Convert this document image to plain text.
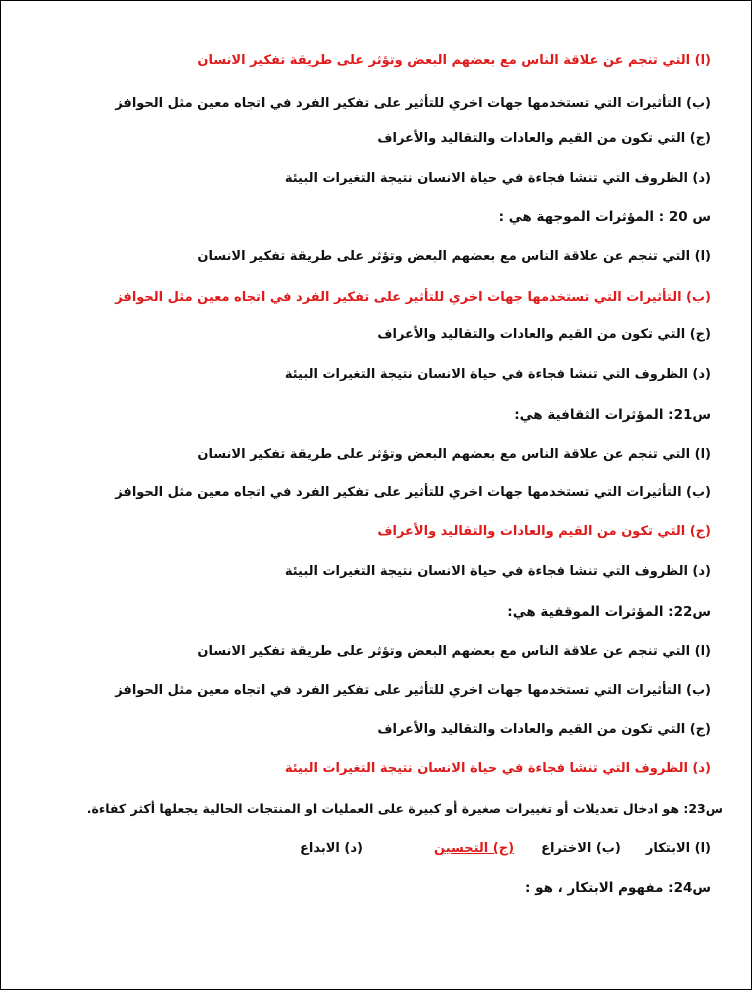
(ا) التي تنجم عن علاقة الناس مع بعضهم البعض وتؤثر على طريقة تفكير الانسان
(ب) التأثيرات التي تستخدمها جهات اخري للتأثير على تفكير الفرد في اتجاه معين مثل الحوافز
(ج) التي تكون من القيم والعادات والتقاليد والأعراف
(د) الظروف التي تنشا فجاءة في حياة الانسان نتيجة التغيرات البيئة
س 20 : المؤثرات الموجهة هي :
(ا) التي تنجم عن علاقة الناس مع بعضهم البعض وتؤثر على طريقة تفكير الانسان
(ب) التأثيرات التي تستخدمها جهات اخري للتأثير على تفكير الفرد في اتجاه معين مثل الحوافز
(ج) التي تكون من القيم والعادات والتقاليد والأعراف
(د) الظروف التي تنشا فجاءة في حياة الانسان نتيجة التغيرات البيئة
س21: المؤثرات الثقافية هي:
(ا) التي تنجم عن علاقة الناس مع بعضهم البعض وتؤثر على طريقة تفكير الانسان
(ب) التأثيرات التي تستخدمها جهات اخري للتأثير على تفكير الفرد في اتجاه معين مثل الحوافز
(ج) التي تكون من القيم والعادات والتقاليد والأعراف
(د) الظروف التي تنشا فجاءة في حياة الانسان نتيجة التغيرات البيئة
س22: المؤثرات الموقفية هي:
(ا) التي تنجم عن علاقة الناس مع بعضهم البعض وتؤثر على طريقة تفكير الانسان
(ب) التأثيرات التي تستخدمها جهات اخري للتأثير على تفكير الفرد في اتجاه معين مثل الحوافز
(ج) التي تكون من القيم والعادات والتقاليد والأعراف
(د) الظروف التي تنشا فجاءة في حياة الانسان نتيجة التغيرات البيئة
س23: هو ادخال تعديلات أو تغييرات صغيرة أو كبيرة على العمليات او المنتجات الحالية يجعلها أكثر كفاءة.
(ا) الابتكار  (ب) الاختراع  (ج) التحسين  (د) الابداع
س24: مفهوم الابتكار ، هو :
